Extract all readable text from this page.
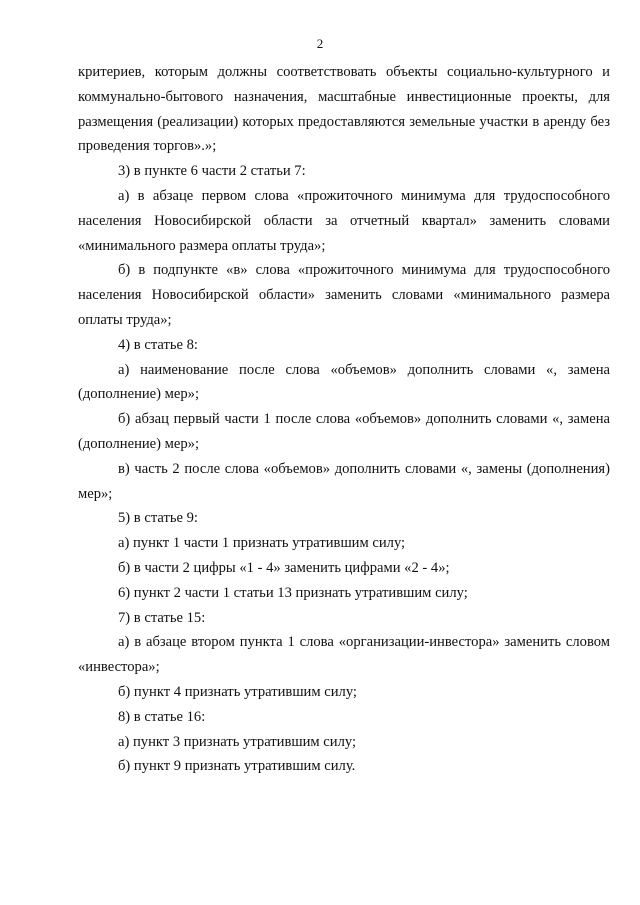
2

критериев, которым должны соответствовать объекты социально-культурного и коммунально-бытового назначения, масштабные инвестиционные проекты, для размещения (реализации) которых предоставляются земельные участки в аренду без проведения торгов».»;

3) в пункте 6 части 2 статьи 7:

а) в абзаце первом слова «прожиточного минимума для трудоспособного населения Новосибирской области за отчетный квартал» заменить словами «минимального размера оплаты труда»;

б) в подпункте «в» слова «прожиточного минимума для трудоспособного населения Новосибирской области» заменить словами «минимального размера оплаты труда»;

4) в статье 8:

а) наименование после слова «объемов» дополнить словами «, замена (дополнение) мер»;

б) абзац первый части 1 после слова «объемов» дополнить словами «, замена (дополнение) мер»;

в) часть 2 после слова «объемов» дополнить словами «, замены (дополнения) мер»;

5) в статье 9:

а) пункт 1 части 1 признать утратившим силу;

б) в части 2 цифры «1 - 4» заменить цифрами «2 - 4»;

6) пункт 2 части 1 статьи 13 признать утратившим силу;

7) в статье 15:

а) в абзаце втором пункта 1 слова «организации-инвестора» заменить словом «инвестора»;

б) пункт 4 признать утратившим силу;

8) в статье 16:

а) пункт 3 признать утратившим силу;

б) пункт 9 признать утратившим силу.
